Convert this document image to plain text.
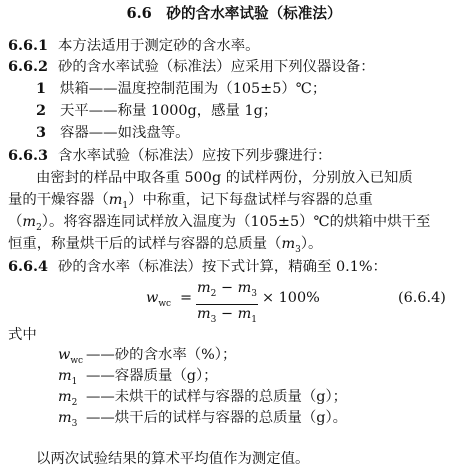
6.6　砂的含水率试验（标准法）
6.6.1 本方法适用于测定砂的含水率。
6.6.2 砂的含水率试验（标准法）应采用下列仪器设备：
1 烘箱——温度控制范围为（105±5）℃；
2 天平——称量 1000g，感量 1g；
3 容器——如浅盘等。
6.6.3 含水率试验（标准法）应按下列步骤进行：
由密封的样品中取各重 500g 的试样两份，分别放入已知质
量的干燥容器$(m_1)$中称重，记下每盘试样与容器的总重
$(m_2)$。将容器连同试样放入温度为（105±5）℃的烘箱中烘干至
恒重，称量烘干后的试样与容器的总质量$(m_3)$。
6.6.4 砂的含水率（标准法）按下式计算，精确至 0.1%：
$w_{wc} = \frac{m_2 - m_3}{m_3 - m_1} \times 100\%$	(6.6.4)
式中
$w_{wc}$ ——砂的含水率（%）；
$m_1$ ——容器质量（g）；
$m_2$ ——未烘干的试样与容器的总质量（g）；
$m_3$ ——烘干后的试样与容器的总质量（g）。
以两次试验结果的算术平均值作为测定值。
